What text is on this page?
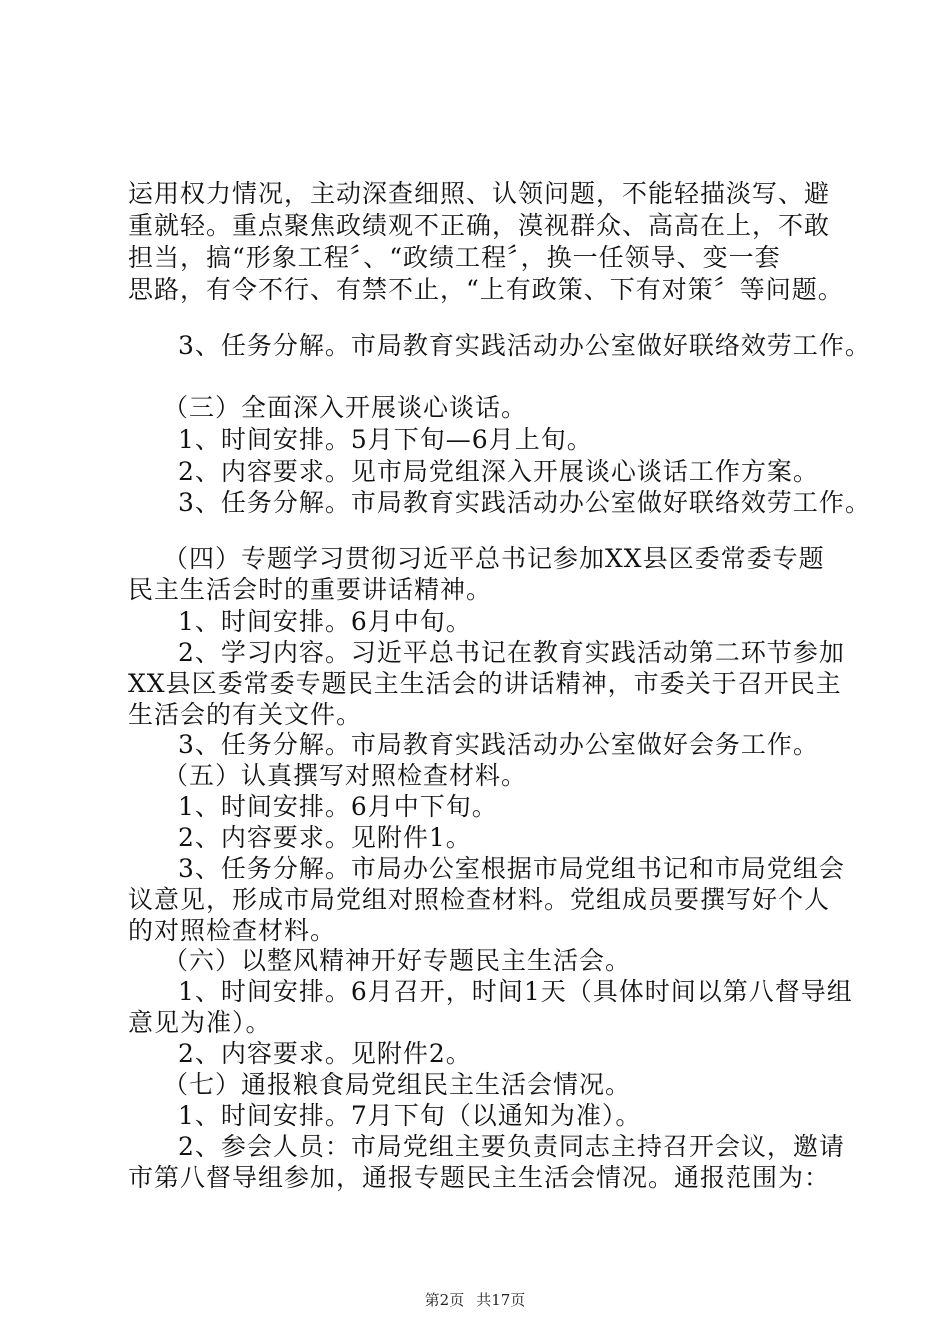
运用权力情况，主动深查细照、认领问题，不能轻描淡写、避
重就轻。重点聚焦政绩观不正确，漠视群众、高高在上，不敢
担当，搞“形象工程〞、“政绩工程〞，换一任领导、变一套
思路，有令不行、有禁不止，“上有政策、下有对策〞等问题。
3、任务分解。市局教育实践活动办公室做好联络效劳工作。
（三）全面深入开展谈心谈话。
1、时间安排。5月下旬—6月上旬。
2、内容要求。见市局党组深入开展谈心谈话工作方案。
3、任务分解。市局教育实践活动办公室做好联络效劳工作。
（四）专题学习贯彻习近平总书记参加XX县区委常委专题
民主生活会时的重要讲话精神。
1、时间安排。6月中旬。
2、学习内容。习近平总书记在教育实践活动第二环节参加
XX县区委常委专题民主生活会的讲话精神，市委关于召开民主
生活会的有关文件。
3、任务分解。市局教育实践活动办公室做好会务工作。
（五）认真撰写对照检查材料。
1、时间安排。6月中下旬。
2、内容要求。见附件1。
3、任务分解。市局办公室根据市局党组书记和市局党组会
议意见，形成市局党组对照检查材料。党组成员要撰写好个人
的对照检查材料。
（六）以整风精神开好专题民主生活会。
1、时间安排。6月召开，时间1天（具体时间以第八督导组
意见为准）。
2、内容要求。见附件2。
（七）通报粮食局党组民主生活会情况。
1、时间安排。7月下旬（以通知为准）。
2、参会人员：市局党组主要负责同志主持召开会议，邀请
市第八督导组参加，通报专题民主生活会情况。通报范围为：
第2页 共17页
